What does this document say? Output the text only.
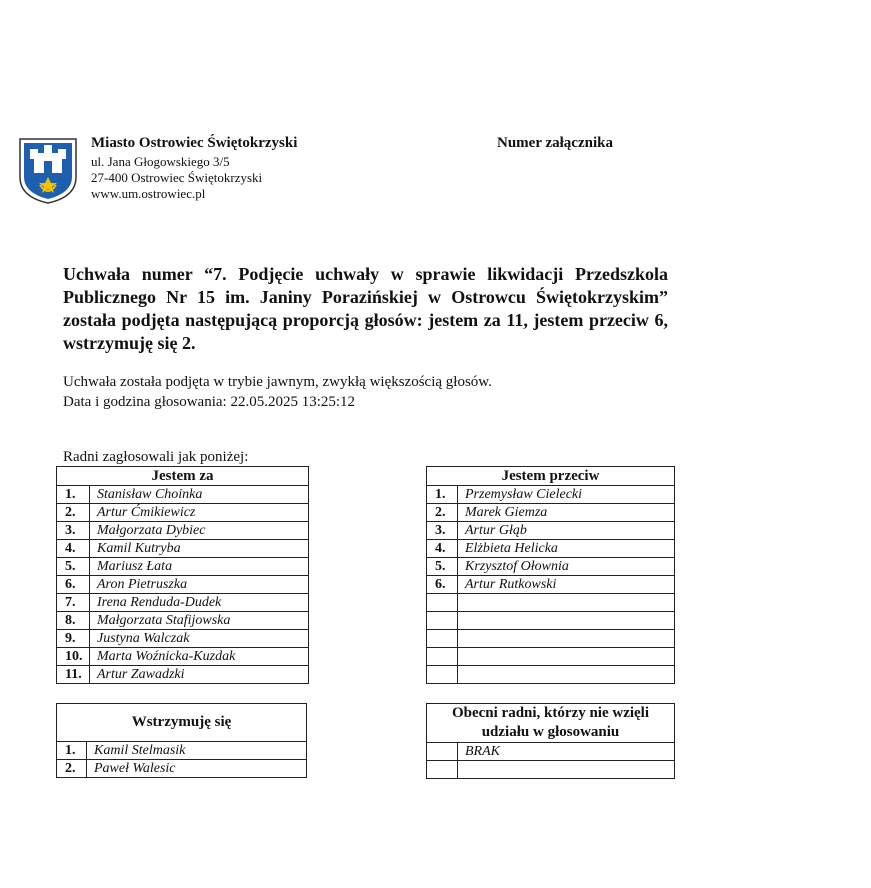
Miasto Ostrowiec Świętokrzyski
ul. Jana Głogowskiego 3/5
27-400 Ostrowiec Świętokrzyski
www.um.ostrowiec.pl
Numer załącznika
Uchwała numer “7. Podjęcie uchwały w sprawie likwidacji Przedszkola Publicznego Nr 15 im. Janiny Porazińskiej w Ostrowcu Świętokrzyskim” została podjęta następującą proporcją głosów: jestem za 11, jestem przeciw 6, wstrzymuję się 2.
Uchwała została podjęta w trybie jawnym, zwykłą większością głosów.
Data i godzina głosowania: 22.05.2025 13:25:12
Radni zagłosowali jak poniżej:
Jestem za	
1.	Stanisław Choinka
2.	Artur Ćmikiewicz
3.	Małgorzata Dybiec
4.	Kamil Kutryba
5.	Mariusz Łata
6.	Aron Pietruszka
7.	Irena Renduda-Dudek
8.	Małgorzata Stafijowska
9.	Justyna Walczak
10.	Marta Woźnicka-Kuzdak
11.	Artur Zawadzki
Jestem przeciw	
1.	Przemysław Cielecki
2.	Marek Giemza
3.	Artur Głąb
4.	Elżbieta Helicka
5.	Krzysztof Ołownia
6.	Artur Rutkowski

Wstrzymuję się	
1.	Kamil Stelmasik
2.	Paweł Walesic
Obecni radni, którzy nie wzięli udziału w głosowaniu	
	BRAK
